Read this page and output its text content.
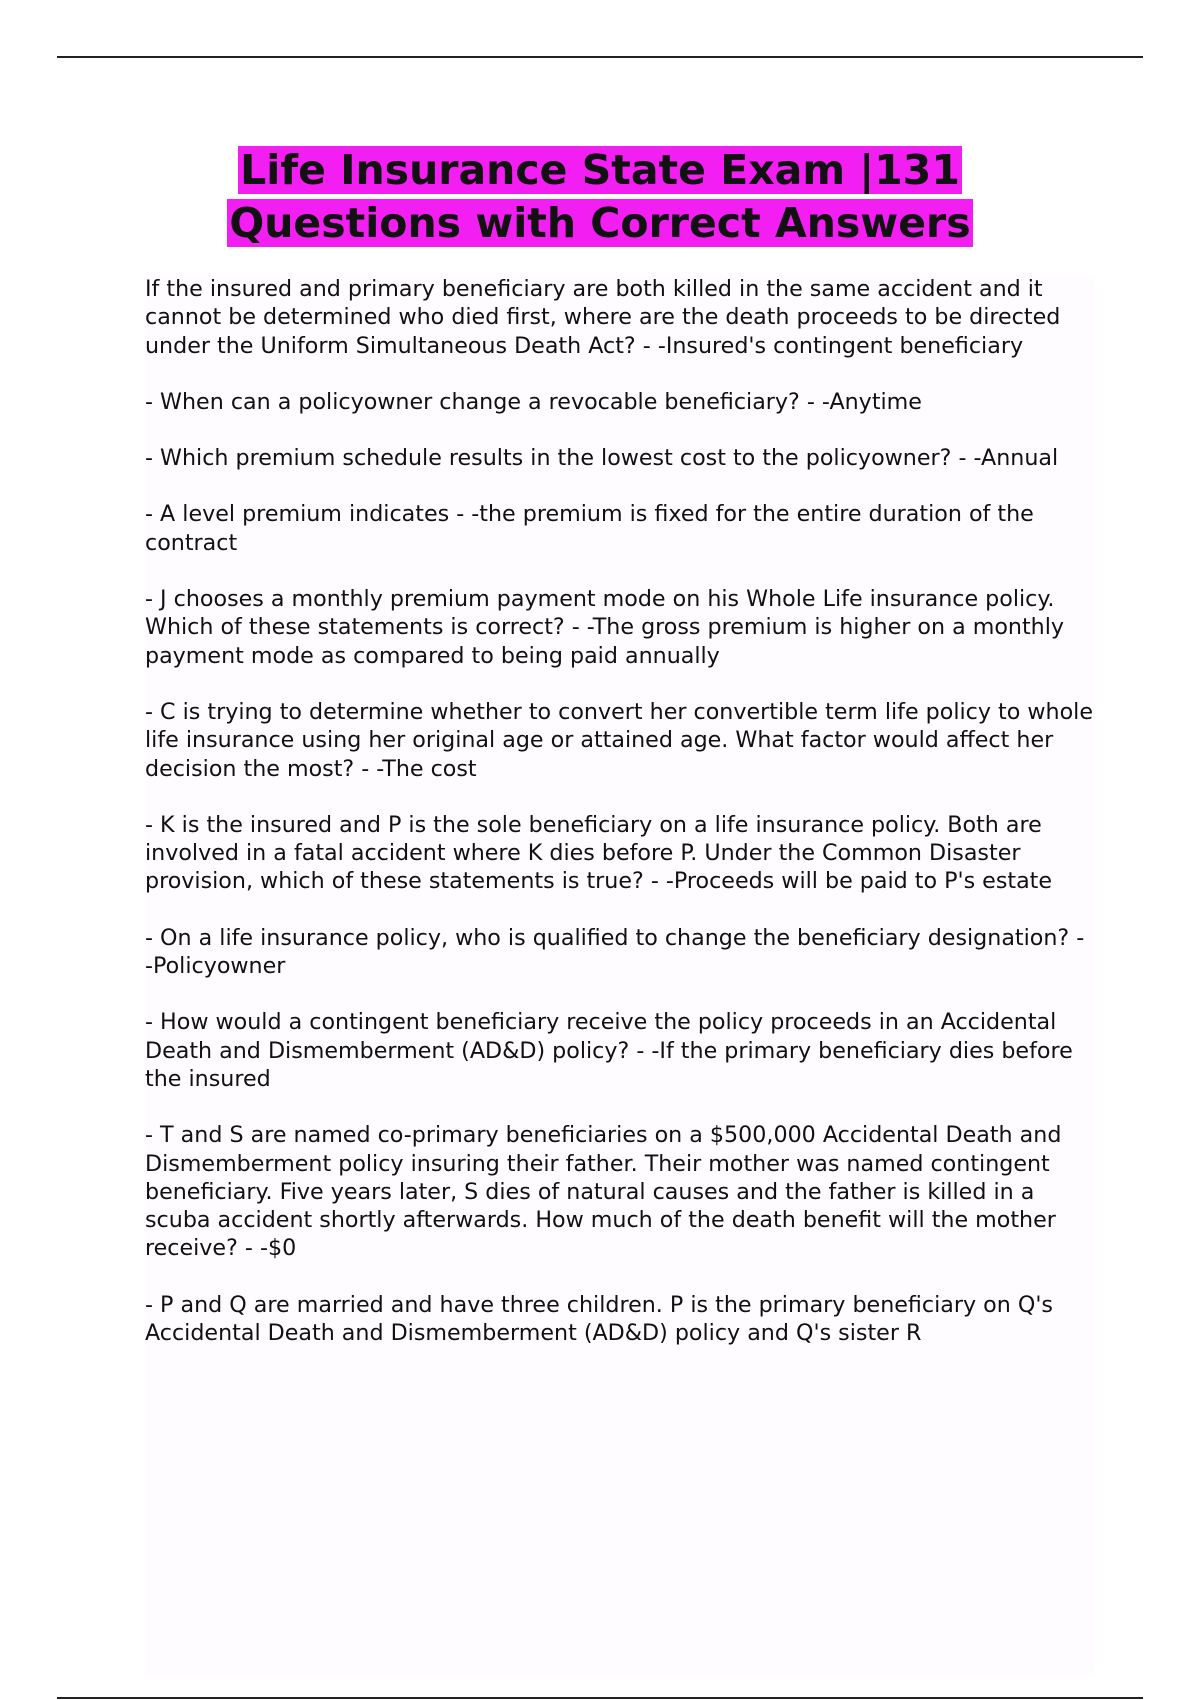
Life Insurance State Exam |131
Questions with Correct Answers

If the insured and primary beneficiary are both killed in the same accident and it cannot be determined who died first, where are the death proceeds to be directed under the Uniform Simultaneous Death Act? - -Insured's contingent beneficiary

- When can a policyowner change a revocable beneficiary? - -Anytime

- Which premium schedule results in the lowest cost to the policyowner? - -Annual

- A level premium indicates - -the premium is fixed for the entire duration of the contract

- J chooses a monthly premium payment mode on his Whole Life insurance policy. Which of these statements is correct? - -The gross premium is higher on a monthly payment mode as compared to being paid annually

- C is trying to determine whether to convert her convertible term life policy to whole life insurance using her original age or attained age. What factor would affect her decision the most? - -The cost

- K is the insured and P is the sole beneficiary on a life insurance policy. Both are involved in a fatal accident where K dies before P. Under the Common Disaster provision, which of these statements is true? - -Proceeds will be paid to P's estate

- On a life insurance policy, who is qualified to change the beneficiary designation? - -Policyowner

- How would a contingent beneficiary receive the policy proceeds in an Accidental Death and Dismemberment (AD&D) policy? - -If the primary beneficiary dies before the insured

- T and S are named co-primary beneficiaries on a $500,000 Accidental Death and Dismemberment policy insuring their father. Their mother was named contingent beneficiary. Five years later, S dies of natural causes and the father is killed in a scuba accident shortly afterwards. How much of the death benefit will the mother receive? - -$0

- P and Q are married and have three children. P is the primary beneficiary on Q's Accidental Death and Dismemberment (AD&D) policy and Q's sister R
